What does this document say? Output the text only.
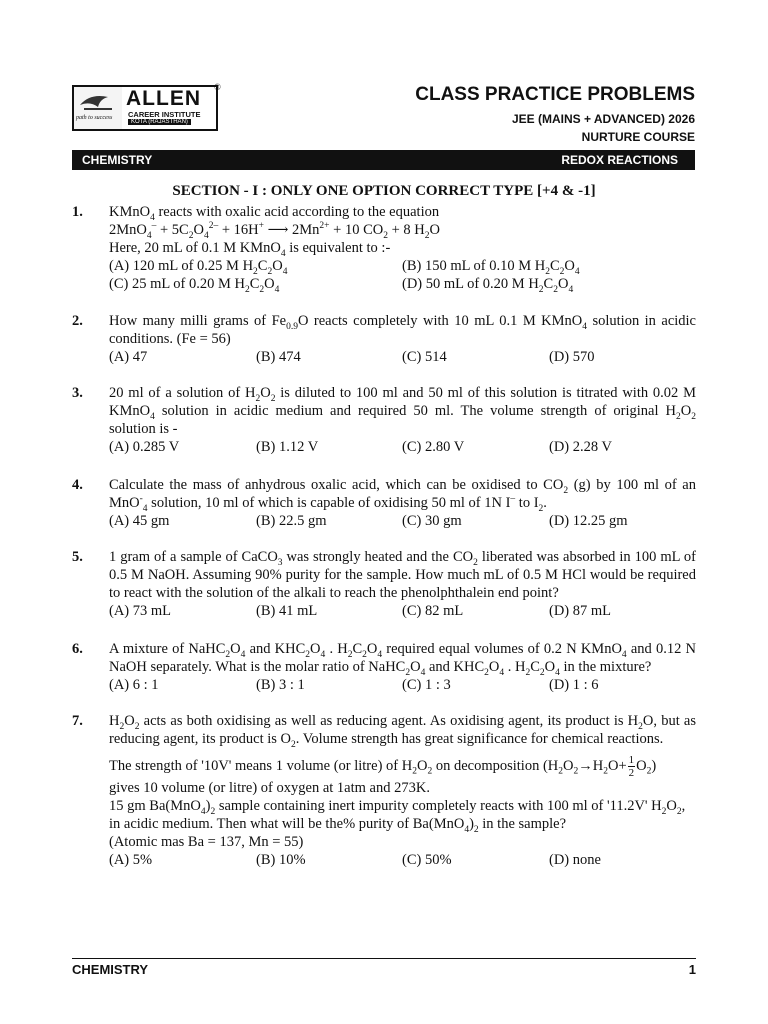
path to success
ALLEN
CAREER INSTITUTE
KOTA (RAJASTHAN)
®	CLASS PRACTICE PROBLEMS
JEE (MAINS + ADVANCED) 2026
NURTURE COURSE
CHEMISTRY	REDOX REACTIONS
SECTION - I : ONLY ONE OPTION CORRECT TYPE [+4 & -1]
1. KMnO$_4$ reacts with oxalic acid according to the equation
$2MnO_4^- + 5C_2O_4^{2-} + 16H^+$ ⟶ $2Mn^{2+} + 10$ $CO_2 + 8$ $H_2O$
Here, 20 mL of 0.1 M KMnO$_4$ is equivalent to :-
(A) 120 mL of 0.25 M $H_2C_2O_4$	(B) 150 mL of 0.10 M $H_2C_2O_4$
(C) 25 mL of 0.20 M $H_2C_2O_4$	(D) 50 mL of 0.20 M $H_2C_2O_4$
2. How many milli grams of $Fe_{0.9}O$ reacts completely with 10 mL 0.1 M KMnO$_4$ solution in acidic conditions. (Fe = 56)
(A) 47	(B) 474	(C) 514	(D) 570
3. 20 ml of a solution of $H_2O_2$ is diluted to 100 ml and 50 ml of this solution is titrated with 0.02 M KMnO$_4$ solution in acidic medium and required 50 ml. The volume strength of original $H_2O_2$ solution is -
(A) 0.285 V	(B) 1.12 V	(C) 2.80 V	(D) 2.28 V
4. Calculate the mass of anhydrous oxalic acid, which can be oxidised to $CO_2$ (g) by 100 ml of an MnO-$_4$ solution, 10 ml of which is capable of oxidising 50 ml of 1N I– to $I_2$.
(A) 45 gm	(B) 22.5 gm	(C) 30 gm	(D) 12.25 gm
5. 1 gram of a sample of CaCO$_3$ was strongly heated and the $CO_2$ liberated was absorbed in 100 mL of 0.5 M NaOH. Assuming 90% purity for the sample. How much mL of 0.5 M HCl would be required to react with the solution of the alkali to reach the phenolphthalein end point?
(A) 73 mL	(B) 41 mL	(C) 82 mL	(D) 87 mL
6. A mixture of $NaHC_2O_4$ and $KHC_2O_4$ . $H_2C_2O_4$ required equal volumes of 0.2 N KMnO$_4$ and 0.12 N NaOH separately. What is the molar ratio of $NaHC_2O_4$ and $KHC_2O_4$ . $H_2C_2O_4$ in the mixture?
(A) 6 : 1	(B) 3 : 1	(C) 1 : 3	(D) 1 : 6
7. $H_2O_2$ acts as both oxidising as well as reducing agent. As oxidising agent, its product is $H_2O$, but as reducing agent, its product is $O_2$. Volume strength has great significance for chemical reactions.
The strength of '10V' means 1 volume (or litre) of $H_2O_2$ on decomposition $(H_2O_2\to H_2O+ \frac{1}{2} O_2)$
gives 10 volume (or litre) of oxygen at 1atm and 273K.
15 gm $Ba(MnO_4)_2$ sample containing inert impurity completely reacts with 100 ml of '11.2V' $H_2O_2$, in acidic medium. Then what will be the% purity of $Ba(MnO_4)_2$ in the sample?
(Atomic mas Ba = 137, Mn = 55)
(A) 5%	(B) 10%	(C) 50%	(D) none
CHEMISTRY	1
